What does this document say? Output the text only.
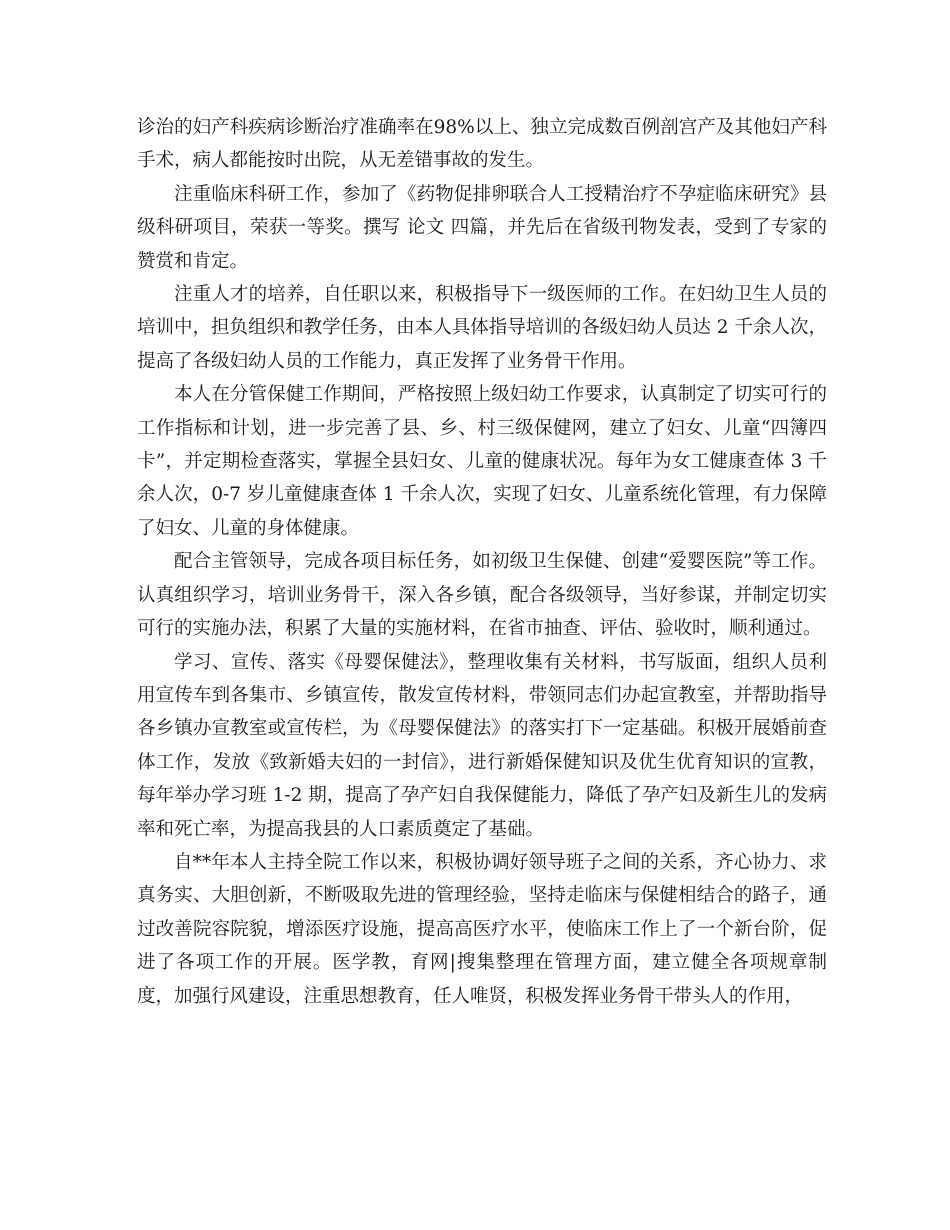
诊治的妇产科疾病诊断治疗准确率在98%以上、独立完成数百例剖宫产及其他妇产科手术，病人都能按时出院，从无差错事故的发生。

注重临床科研工作，参加了《药物促排卵联合人工授精治疗不孕症临床研究》县级科研项目，荣获一等奖。撰写 论文 四篇，并先后在省级刊物发表，受到了专家的赞赏和肯定。

注重人才的培养，自任职以来，积极指导下一级医师的工作。在妇幼卫生人员的培训中，担负组织和教学任务，由本人具体指导培训的各级妇幼人员达 2 千余人次，提高了各级妇幼人员的工作能力，真正发挥了业务骨干作用。

本人在分管保健工作期间，严格按照上级妇幼工作要求，认真制定了切实可行的工作指标和计划，进一步完善了县、乡、村三级保健网，建立了妇女、儿童“四簿四卡”，并定期检查落实，掌握全县妇女、儿童的健康状况。每年为女工健康查体 3 千余人次，0-7 岁儿童健康查体 1 千余人次，实现了妇女、儿童系统化管理，有力保障了妇女、儿童的身体健康。

配合主管领导，完成各项目标任务，如初级卫生保健、创建“爱婴医院”等工作。认真组织学习，培训业务骨干，深入各乡镇，配合各级领导，当好参谋，并制定切实可行的实施办法，积累了大量的实施材料，在省市抽查、评估、验收时，顺利通过。

学习、宣传、落实《母婴保健法》，整理收集有关材料，书写版面，组织人员利用宣传车到各集市、乡镇宣传，散发宣传材料，带领同志们办起宣教室，并帮助指导各乡镇办宣教室或宣传栏，为《母婴保健法》的落实打下一定基础。积极开展婚前查体工作，发放《致新婚夫妇的一封信》，进行新婚保健知识及优生优育知识的宣教，每年举办学习班 1-2 期，提高了孕产妇自我保健能力，降低了孕产妇及新生儿的发病率和死亡率，为提高我县的人口素质奠定了基础。

自**年本人主持全院工作以来，积极协调好领导班子之间的关系，齐心协力、求真务实、大胆创新，不断吸取先进的管理经验，坚持走临床与保健相结合的路子，通过改善院容院貌，增添医疗设施，提高高医疗水平，使临床工作上了一个新台阶，促进了各项工作的开展。医学教，育网|搜集整理在管理方面，建立健全各项规章制度，加强行风建设，注重思想教育，任人唯贤，积极发挥业务骨干带头人的作用，
